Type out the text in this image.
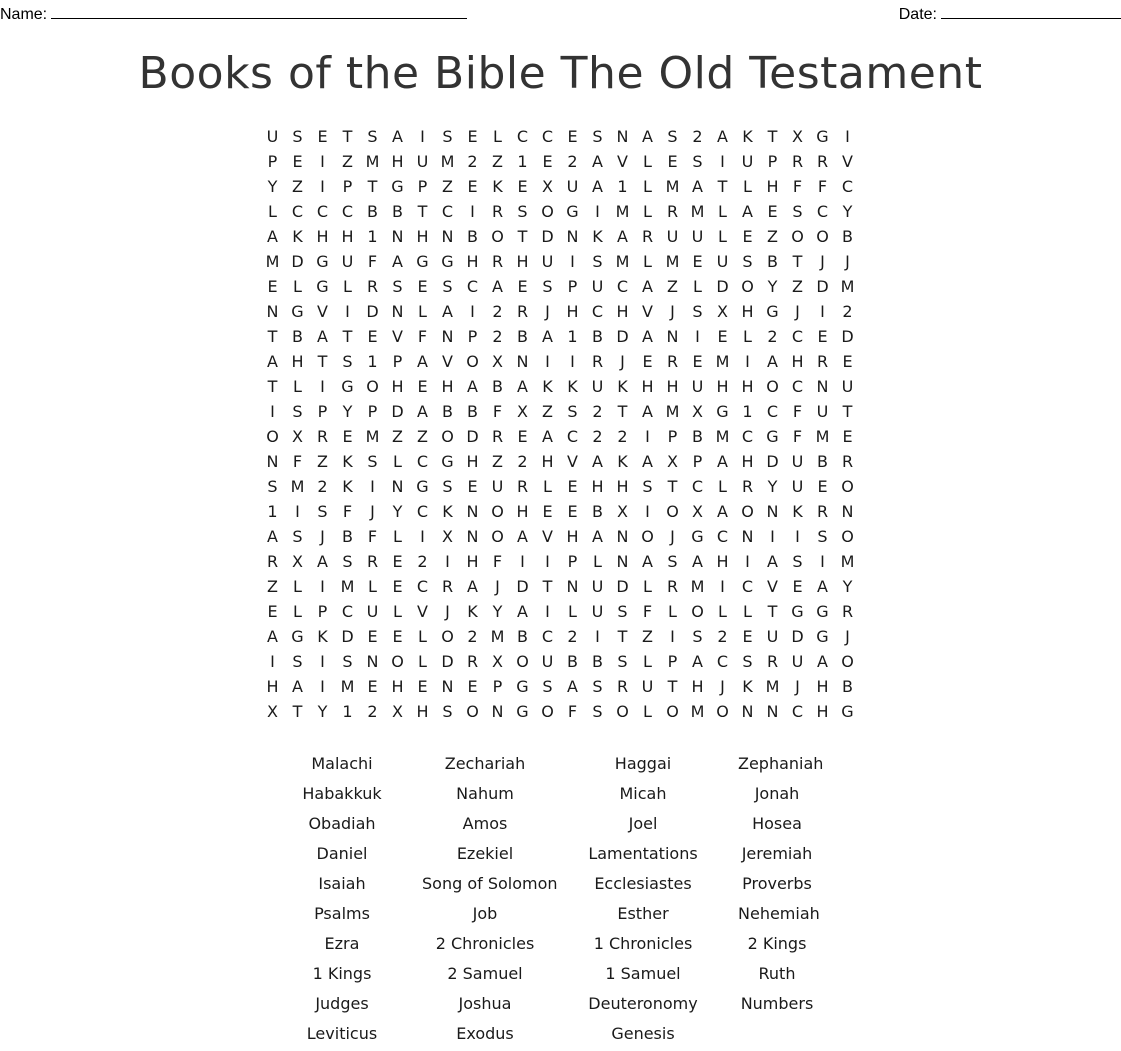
Name:	Date:
Books of the Bible The Old Testament
U S E T S A	I	S E L C C E S N A S 2 A K T X G	I
P E	I	Z M H U M 2 Z 1 E 2 A V L E S	I	U P R R V
Y Z	I	P T G P Z E K E X U A 1 L M A T L H F F C
L C C C B B T C	I	R S O G	I M L R M L A E S C Y
A K H H 1 N H N B O T D N K A R U U L E Z O O B
M D G U F A G G H R H U	I	S M L M E U S B T	J	J
E L G L R S E S C A E S P U C A Z L D O Y Z D M
N G V	I	D N L A	I	2 R	J	H C H V	J	S X H G	J	I	2
T B A T E V F N P 2 B A 1 B D A N	I	E L 2 C E D
A H T S 1 P A V O X N	I	I	R	J	E R E M I	A H R E
T L	I	G O H E H A B A K K U K H H U H H O C N U
I	S P Y P D A B B F X Z S 2 T A M X G 1 C F U T
O X R E M Z Z O D R E A C 2 2	I	P B M C G F M E
N F Z K S L C G H Z 2 H V A K A X P A H D U B R
S M 2 K	I	N G S E U R L E H H S T C L R Y U E O
1	I	S F	J	Y C K N O H E E B X	I	O X A O N K R N
A S	J	B F L	I	X N O A V H A N O	J	G C N	I	I	S O
R X A S R E 2	I	H F	I	I	P L N A S A H	I	A S	I M
Z L	I M L E C R A	J	D T N U D L R M I	C V E A Y
E L P C U L V	J	K Y A	I	L U S F L O L	L T G G R
A G K D E E L O 2 M B C 2	I	T Z	I	S 2 E U D G	J
I	S	I	S N O L D R X O U B B S L P A C S R U A O
H A	I M E H E N E P G S A S R U T H	J	K M J	H B
X T Y 1 2 X H S O N G O F S O L O M O N N C H G
Malachi	Zechariah	Haggai	Zephaniah
Habakkuk	Nahum	Micah	Jonah
Obadiah	Amos	Joel	Hosea
Daniel	Ezekiel	Lamentations	Jeremiah
Isaiah	Song of Solomon	Ecclesiastes	Proverbs
Psalms	Job	Esther	Nehemiah
Ezra	2 Chronicles	1 Chronicles	2 Kings
1 Kings	2 Samuel	1 Samuel	Ruth
Judges	Joshua	Deuteronomy	Numbers
Leviticus	Exodus	Genesis
